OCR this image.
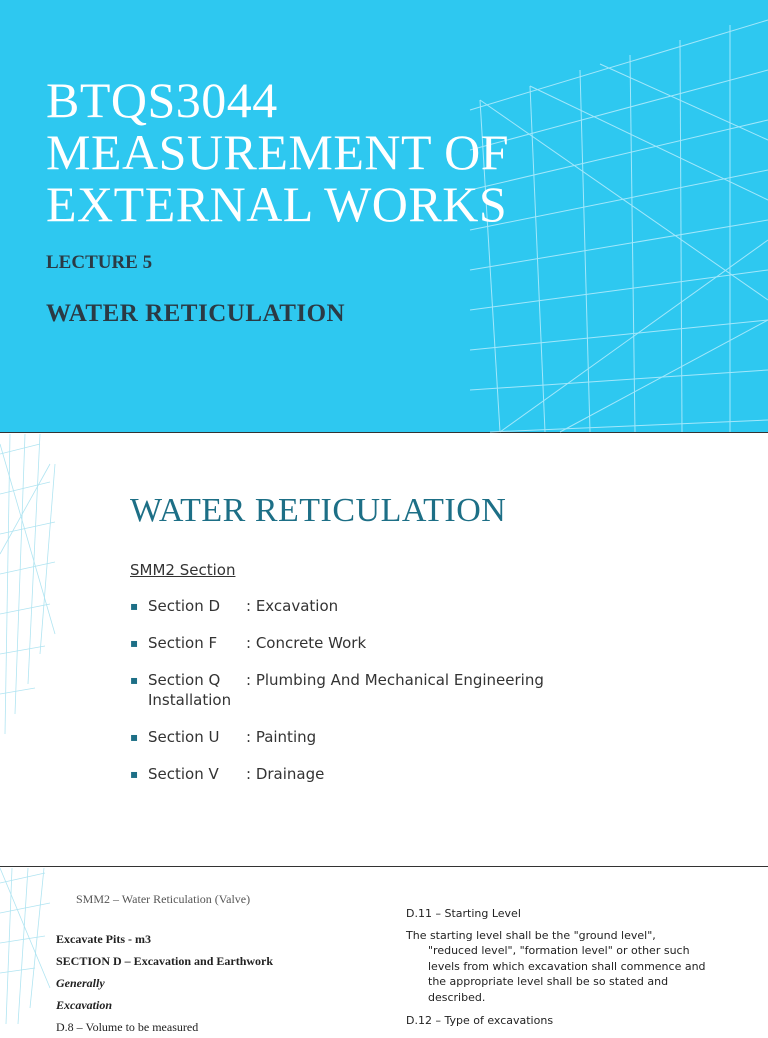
BTQS3044
MEASUREMENT OF
EXTERNAL WORKS
LECTURE 5
WATER RETICULATION
WATER RETICULATION
SMM2 Section
▪ Section D : Excavation
▪ Section F : Concrete Work
▪ Section Q : Plumbing And Mechanical Engineering
Installation
▪ Section U : Painting
▪ Section V : Drainage
SMM2 – Water Reticulation (Valve)
Excavate Pits - m3
SECTION D – Excavation and Earthwork
Generally
Excavation
D.8 – Volume to be measured
D.11 – Starting Level
The starting level shall be the "ground level",
"reduced level", "formation level" or other such
levels from which excavation shall commence and
the appropriate level shall be so stated and
described.
D.12 – Type of excavations
